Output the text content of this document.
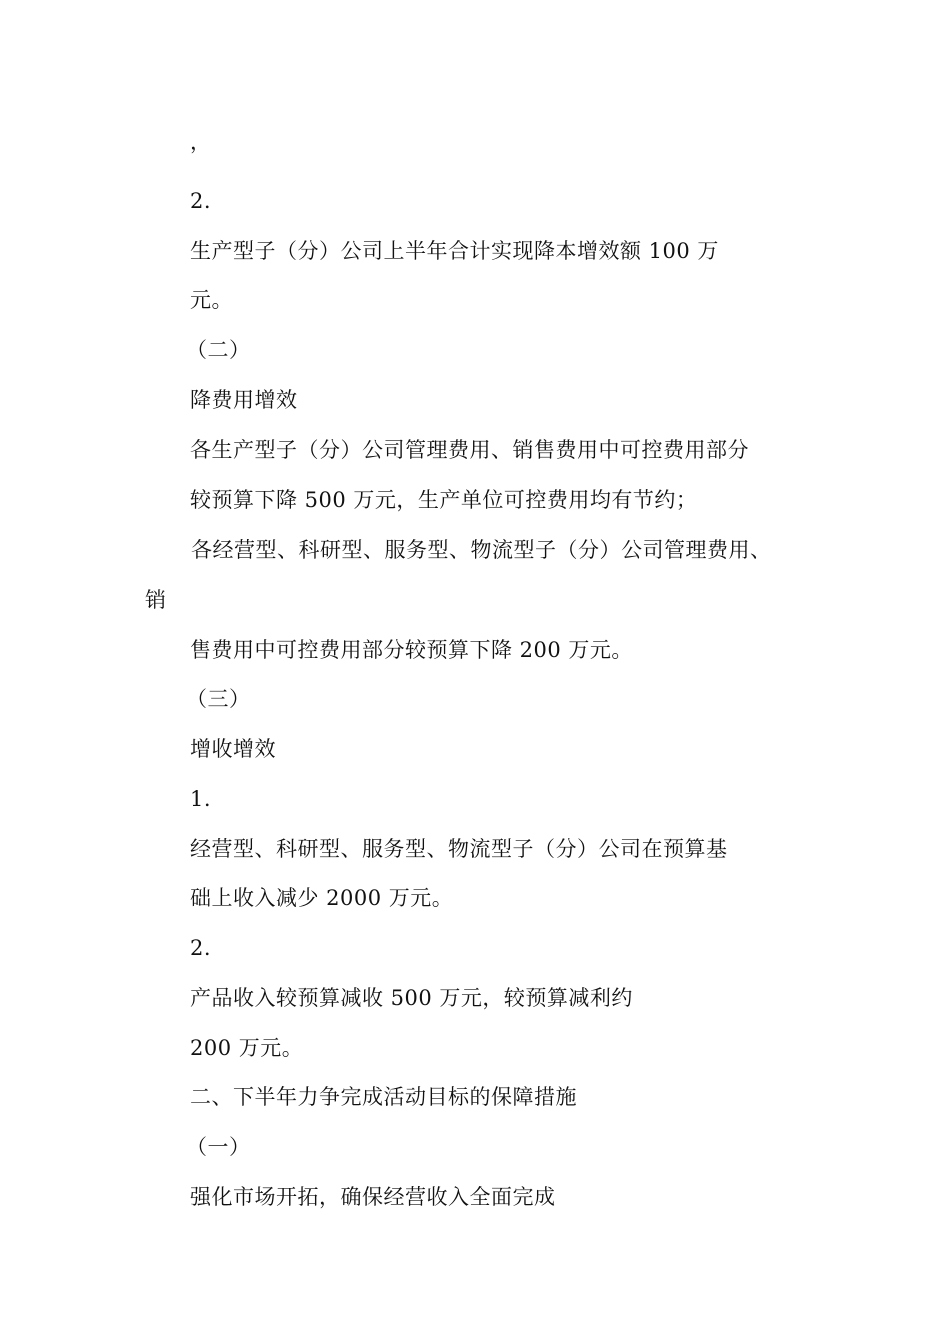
，
2.
生产型子（分）公司上半年合计实现降本增效额 100 万
元。
（二）
降费用增效
各生产型子（分）公司管理费用、销售费用中可控费用部分
较预算下降 500 万元，生产单位可控费用均有节约；
各经营型、科研型、服务型、物流型子（分）公司管理费用、
销
售费用中可控费用部分较预算下降 200 万元。
（三）
增收增效
1.
经营型、科研型、服务型、物流型子（分）公司在预算基
础上收入减少 2000 万元。
2.
产品收入较预算减收 500 万元，较预算减利约
200 万元。
二、下半年力争完成活动目标的保障措施
（一）
强化市场开拓，确保经营收入全面完成
